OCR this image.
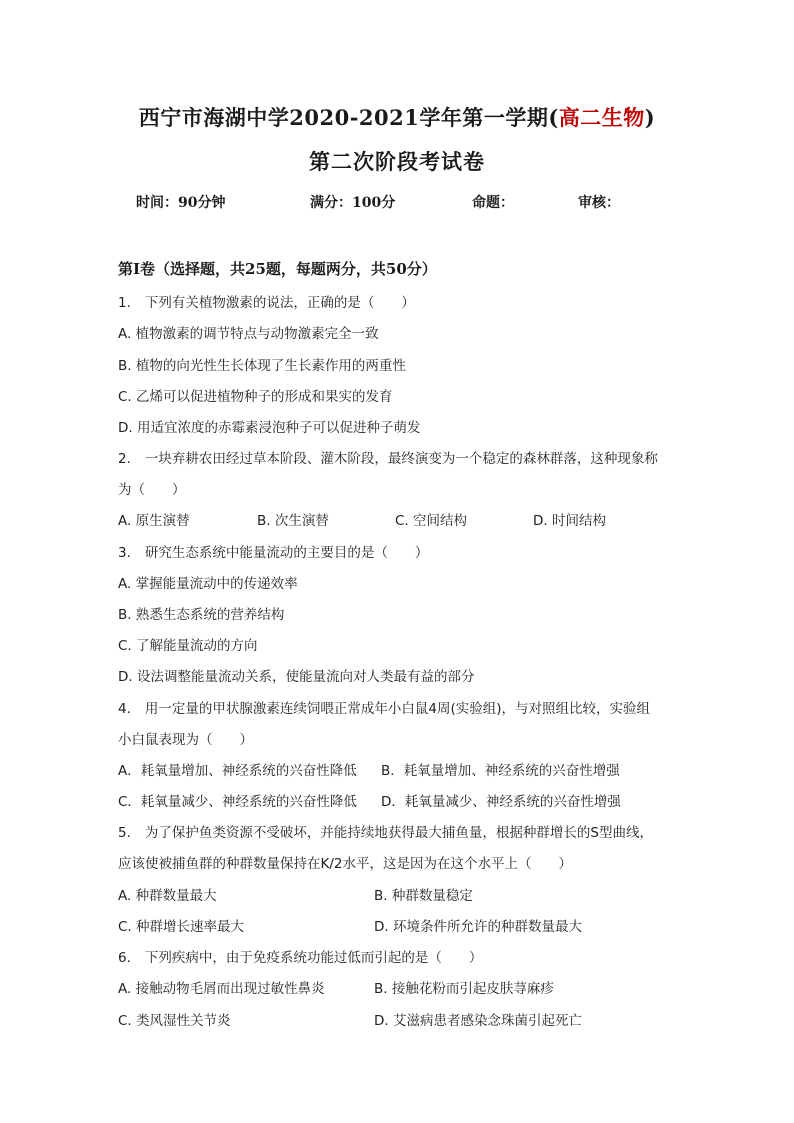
西宁市海湖中学2020-2021学年第一学期(高二生物)
第二次阶段考试卷
时间：90分钟	满分：100分	命题：	审核：
第I卷（选择题，共25题，每题两分，共50分）
1. 下列有关植物激素的说法，正确的是（　　）
A. 植物激素的调节特点与动物激素完全一致
B. 植物的向光性生长体现了生长素作用的两重性
C. 乙烯可以促进植物种子的形成和果实的发育
D. 用适宜浓度的赤霉素浸泡种子可以促进种子萌发
2. 一块弃耕农田经过草本阶段、灌木阶段，最终演变为一个稳定的森林群落，这种现象称
为（　　）
A. 原生演替	B. 次生演替	C. 空间结构	D. 时间结构
3. 研究生态系统中能量流动的主要目的是（　　）
A. 掌握能量流动中的传递效率
B. 熟悉生态系统的营养结构
C. 了解能量流动的方向
D. 设法调整能量流动关系，使能量流向对人类最有益的部分
4. 用一定量的甲状腺激素连续饲喂正常成年小白鼠4周(实验组)，与对照组比较，实验组
小白鼠表现为（　　）
A．耗氧量增加、神经系统的兴奋性降低 B．耗氧量增加、神经系统的兴奋性增强
C．耗氧量减少、神经系统的兴奋性降低 D．耗氧量减少、神经系统的兴奋性增强
5. 为了保护鱼类资源不受破坏，并能持续地获得最大捕鱼量，根据种群增长的S型曲线，
应该使被捕鱼群的种群数量保持在K/2水平，这是因为在这个水平上（　　）
A. 种群数量最大	B. 种群数量稳定
C. 种群增长速率最大	D. 环境条件所允许的种群数量最大
6. 下列疾病中，由于免疫系统功能过低而引起的是（　　）
A. 接触动物毛屑而出现过敏性鼻炎	B. 接触花粉而引起皮肤荨麻疹
C. 类风湿性关节炎	D. 艾滋病患者感染念珠菌引起死亡
